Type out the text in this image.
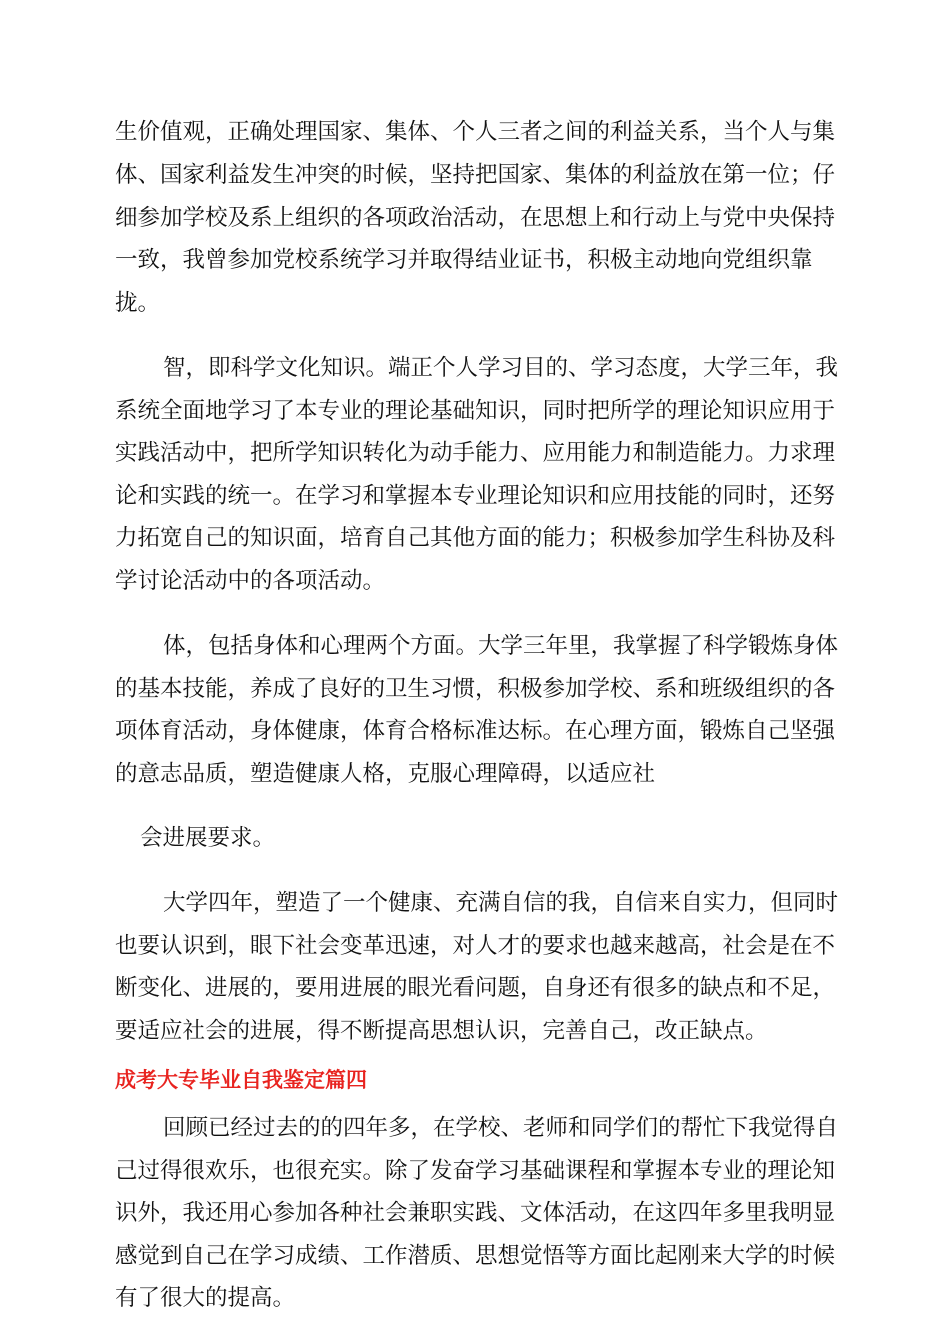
生价值观，正确处理国家、集体、个人三者之间的利益关系，当个人与集

体、国家利益发生冲突的时候，坚持把国家、集体的利益放在第一位；仔

细参加学校及系上组织的各项政治活动，在思想上和行动上与党中央保持

一致，我曾参加党校系统学习并取得结业证书，积极主动地向党组织靠

拢。

智，即科学文化知识。端正个人学习目的、学习态度，大学三年，我

系统全面地学习了本专业的理论基础知识，同时把所学的理论知识应用于

实践活动中，把所学知识转化为动手能力、应用能力和制造能力。力求理

论和实践的统一。在学习和掌握本专业理论知识和应用技能的同时，还努

力拓宽自己的知识面，培育自己其他方面的能力；积极参加学生科协及科

学讨论活动中的各项活动。

体，包括身体和心理两个方面。大学三年里，我掌握了科学锻炼身体

的基本技能，养成了良好的卫生习惯，积极参加学校、系和班级组织的各

项体育活动，身体健康，体育合格标准达标。在心理方面，锻炼自己坚强

的意志品质，塑造健康人格，克服心理障碍，以适应社

会进展要求。

大学四年，塑造了一个健康、充满自信的我，自信来自实力，但同时

也要认识到，眼下社会变革迅速，对人才的要求也越来越高，社会是在不

断变化、进展的，要用进展的眼光看问题，自身还有很多的缺点和不足，

要适应社会的进展，得不断提高思想认识，完善自己，改正缺点。

成考大专毕业自我鉴定篇四

回顾已经过去的的四年多，在学校、老师和同学们的帮忙下我觉得自

己过得很欢乐，也很充实。除了发奋学习基础课程和掌握本专业的理论知

识外，我还用心参加各种社会兼职实践、文体活动，在这四年多里我明显

感觉到自己在学习成绩、工作潜质、思想觉悟等方面比起刚来大学的时候

有了很大的提高。
